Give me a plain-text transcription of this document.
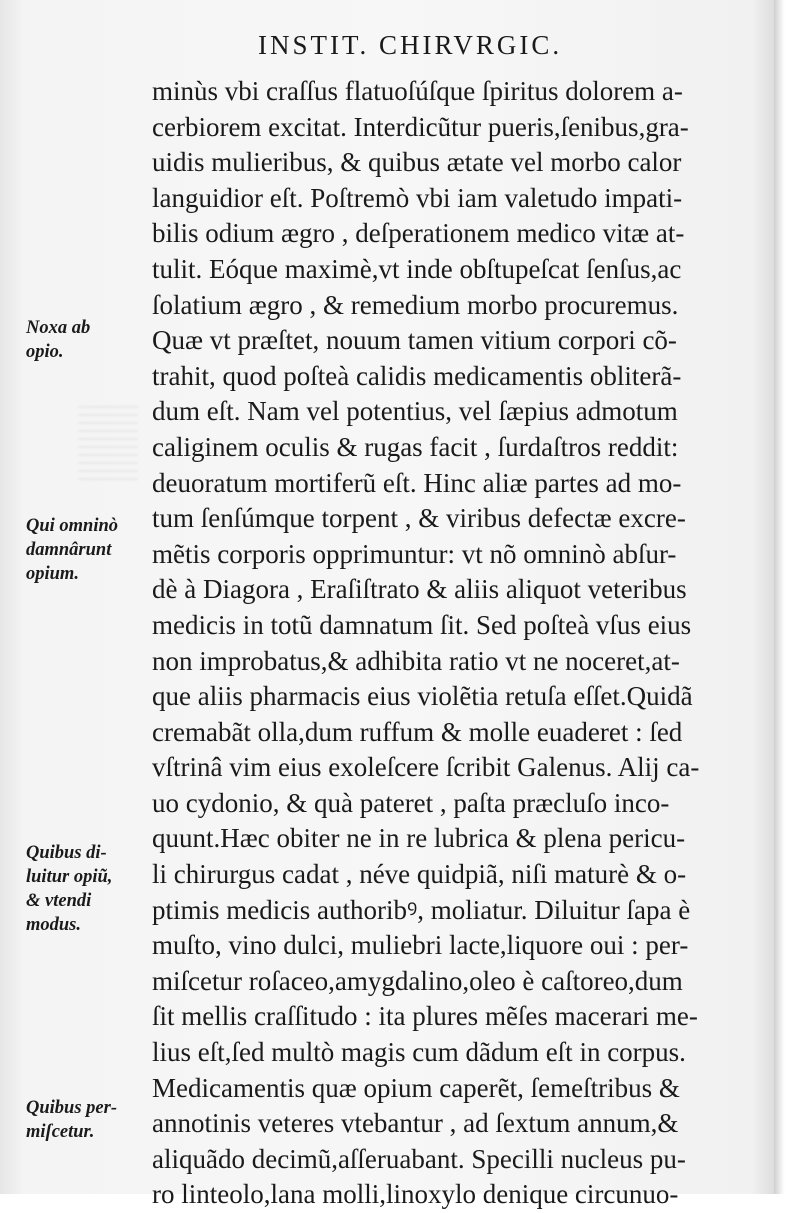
INSTIT. CHIRVRGIC.
minùs vbi craſſus flatuoſúſque ſpiritus dolorem a-
cerbiorem excitat. Interdicũtur pueris,ſenibus,gra-
uidis mulieribus, & quibus ætate vel morbo calor
languidior eſt. Poſtremò vbi iam valetudo impati-
bilis odium ægro , deſperationem medico vitæ at-
tulit. Eóque maximè,vt inde obſtupeſcat ſenſus,ac
ſolatium ægro , & remedium morbo procuremus.
Quæ vt præſtet, nouum tamen vitium corpori cõ-
trahit, quod poſteà calidis medicamentis obliterã-
dum eſt. Nam vel potentius, vel ſæpius admotum
caliginem oculis & rugas facit , ſurdaſtros reddit:
deuoratum mortiferũ eſt. Hinc aliæ partes ad mo-
tum ſenſúmque torpent , & viribus defectæ excre-
mẽtis corporis opprimuntur: vt nõ omninò abſur-
dè à Diagora , Eraſiſtrato & aliis aliquot veteribus
medicis in totũ damnatum ſit. Sed poſteà vſus eius
non improbatus,& adhibita ratio vt ne noceret,at-
que aliis pharmacis eius violẽtia retuſa eſſet.Quidã
cremabãt olla,dum ruffum & molle euaderet : ſed
vſtrinâ vim eius exoleſcere ſcribit Galenus. Alij ca-
uo cydonio, & quà pateret , paſta præcluſo inco-
quunt.Hæc obiter ne in re lubrica & plena pericu-
li chirurgus cadat , néve quidpiã, niſi maturè & o-
ptimis medicis authoribꝰ, moliatur. Diluitur ſapa è
muſto, vino dulci, muliebri lacte,liquore oui : per-
miſcetur roſaceo,amygdalino,oleo è caſtoreo,dum
ſit mellis craſſitudo : ita plures mẽſes macerari me-
lius eſt,ſed multò magis cum dãdum eſt in corpus.
Medicamentis quæ opium caperẽt, ſemeſtribus &
annotinis veteres vtebantur , ad ſextum annum,&
aliquãdo decimũ,aſſeruabant. Specilli nucleus pu-
ro linteolo,lana molli,linoxylo denique circunuo-
Noxa ab
opio.
Qui omninò
damnârunt
opium.
Quibus di-
luitur opiũ,
& vtendi
modus.
Quibus per-
miſcetur.
